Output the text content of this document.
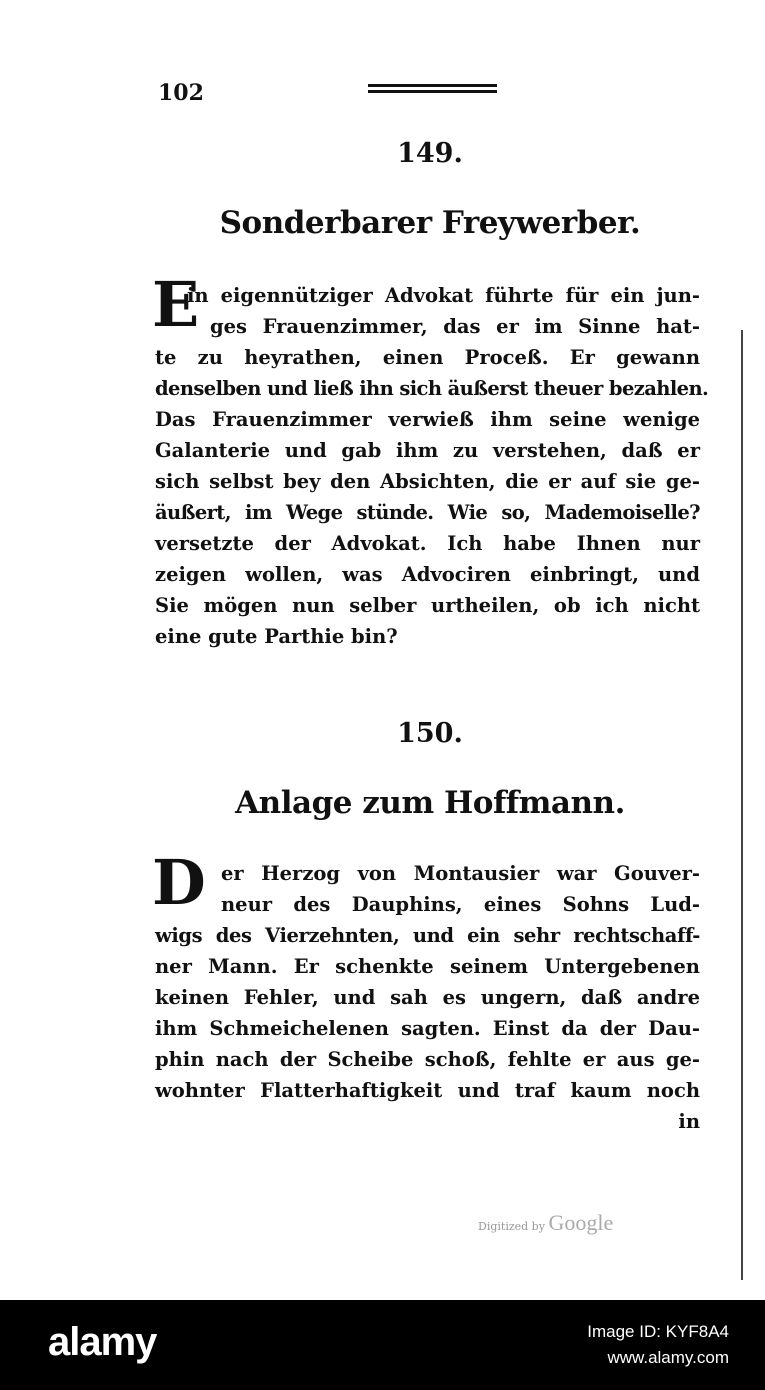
102
149.
Sonderbarer Freywerber.
E
in eigennütziger Advokat führte für ein jun-
ges Frauenzimmer, das er im Sinne hat-
te zu heyrathen, einen Proceß. Er gewann
denselben und ließ ihn sich äußerst theuer bezahlen.
Das Frauenzimmer verwieß ihm seine wenige
Galanterie und gab ihm zu verstehen, daß er
sich selbst bey den Absichten, die er auf sie ge-
äußert, im Wege stünde. Wie so, Mademoiselle?
versetzte der Advokat. Ich habe Ihnen nur
zeigen wollen, was Advociren einbringt, und
Sie mögen nun selber urtheilen, ob ich nicht
eine gute Parthie bin?
150.
Anlage zum Hoffmann.
D er Herzog von Montausier war Gouver-
neur des Dauphins, eines Sohns Lud-
wigs des Vierzehnten, und ein sehr rechtschaff-
ner Mann. Er schenkte seinem Untergebenen
keinen Fehler, und sah es ungern, daß andre
ihm Schmeichelenen sagten. Einst da der Dau-
phin nach der Scheibe schoß, fehlte er aus ge-
wohnter Flatterhaftigkeit und traf kaum noch
in
Digitized by Google
alamy	Image ID: KYF8A4
www.alamy.com
